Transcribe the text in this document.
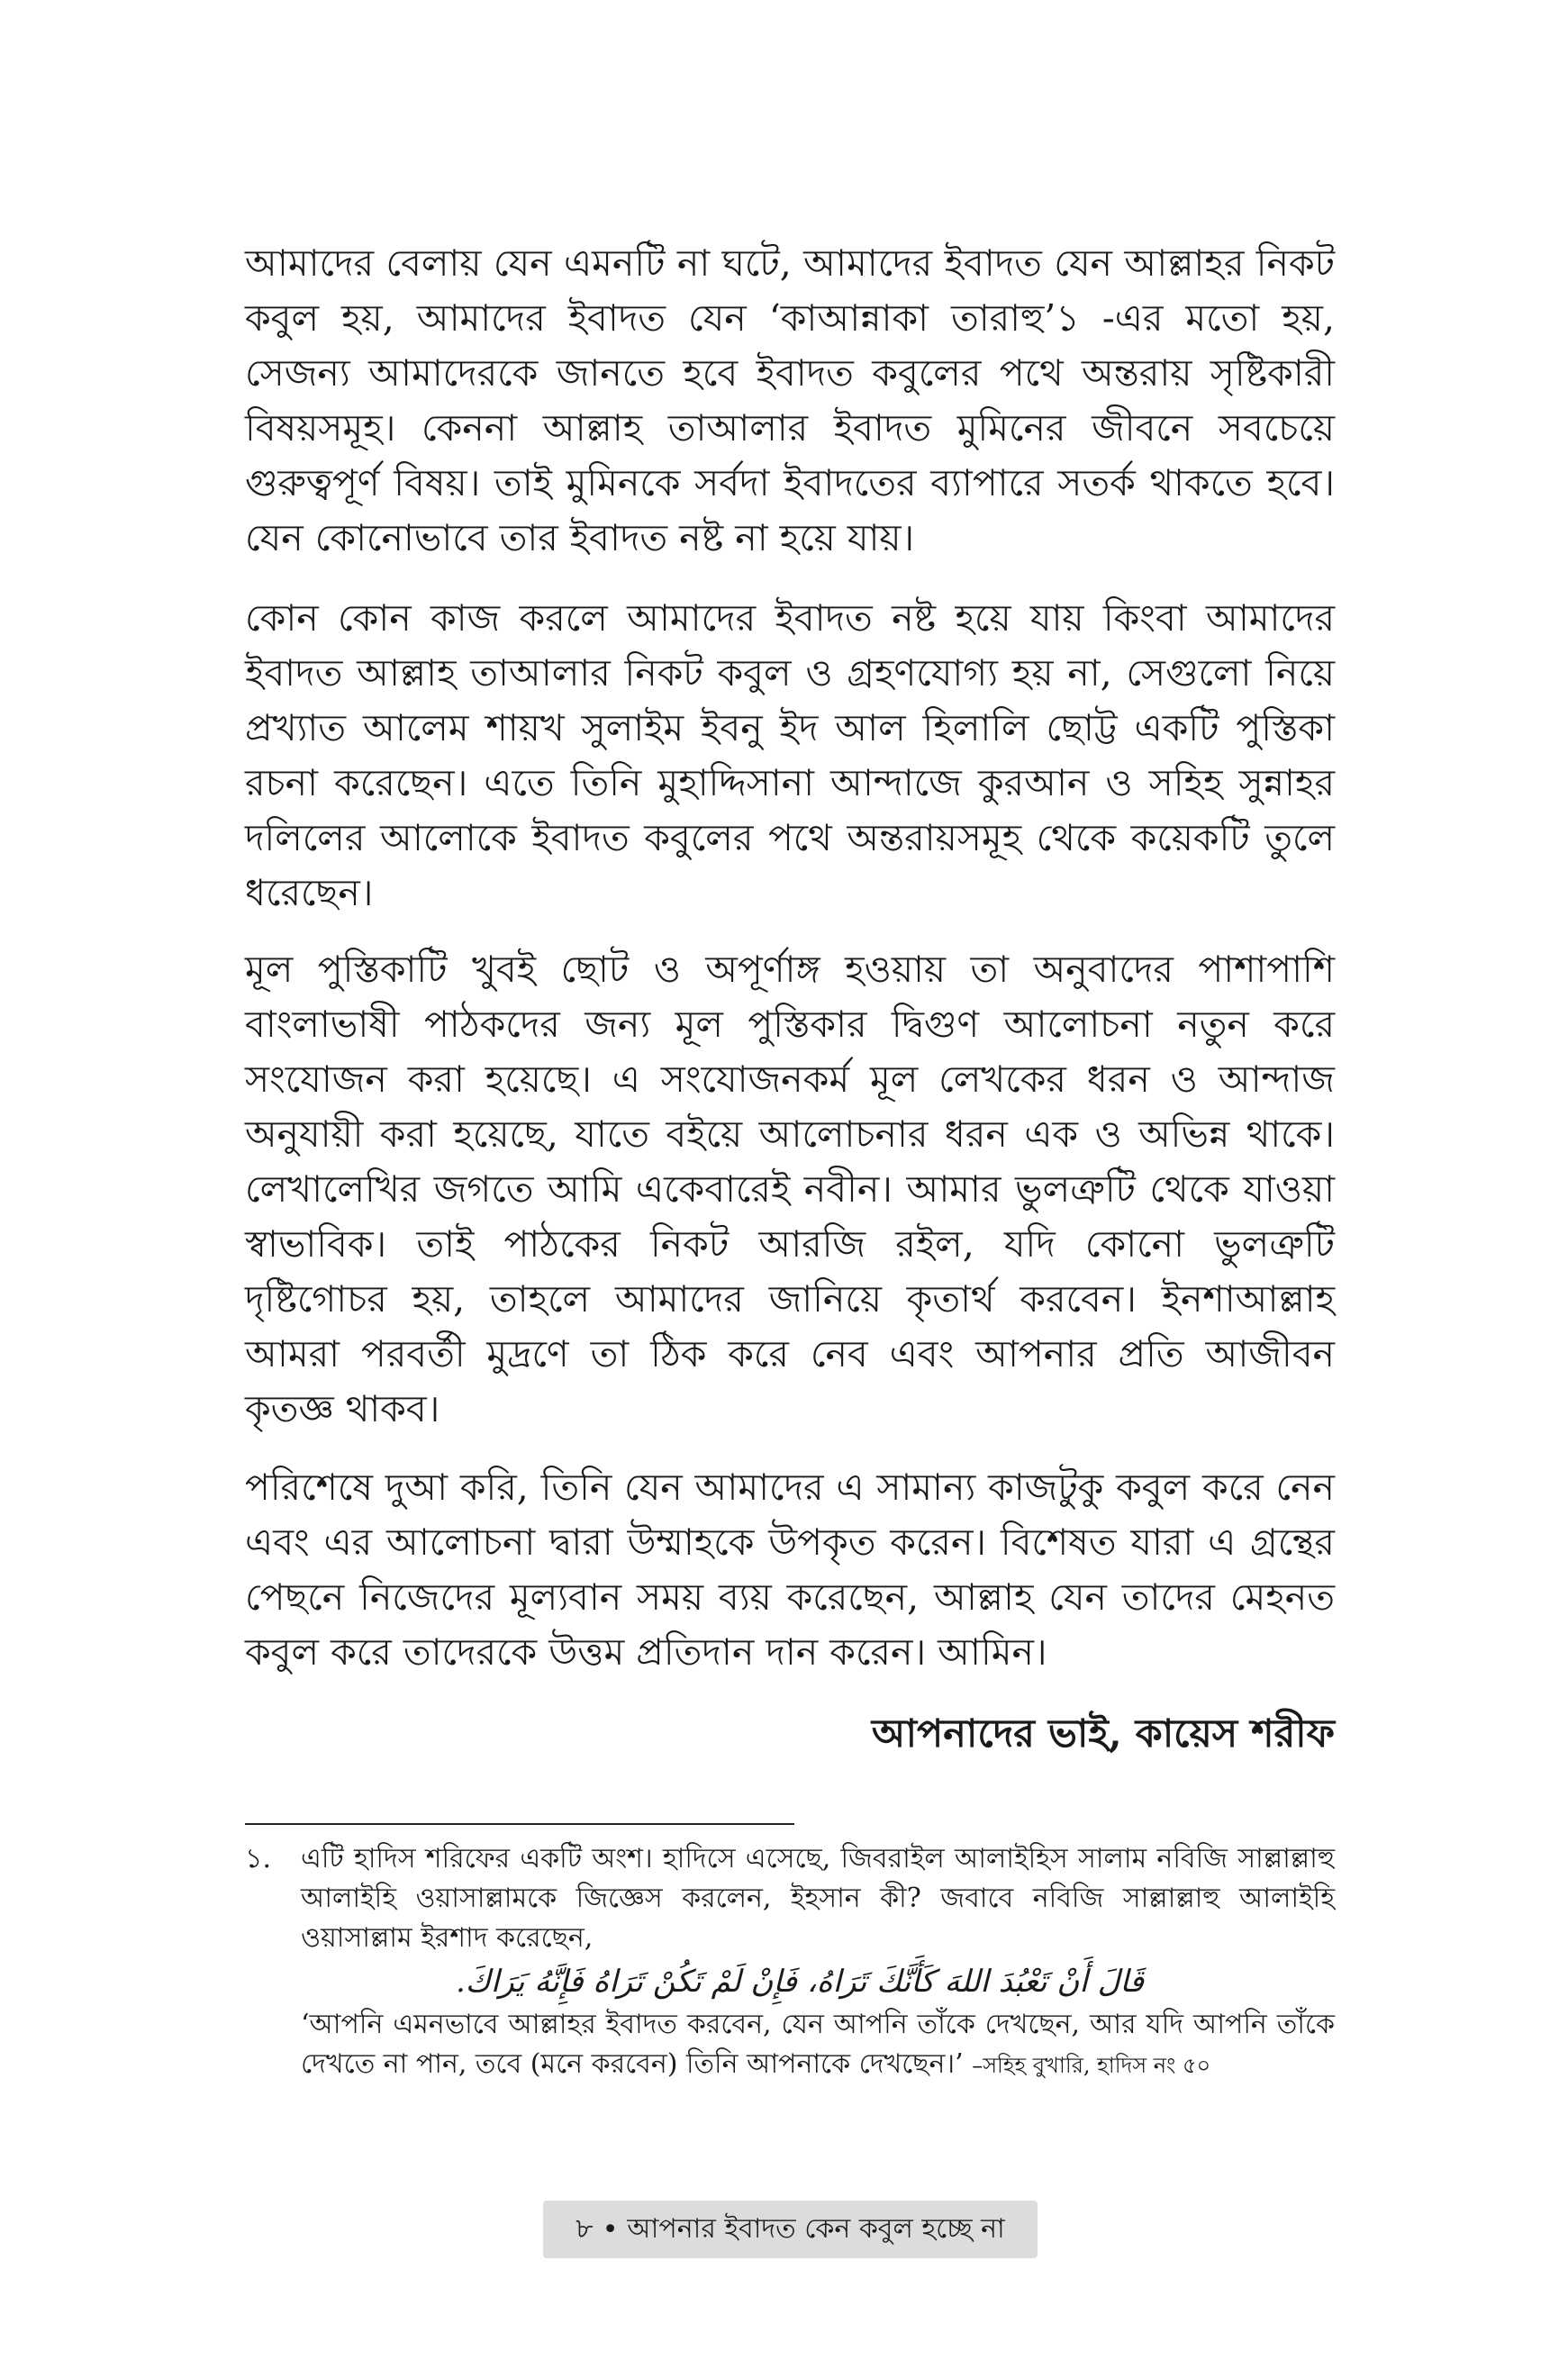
আমাদের বেলায় যেন এমনটি না ঘটে, আমাদের ইবাদত যেন আল্লাহর নিকট কবুল হয়, আমাদের ইবাদত যেন ‘কাআন্নাকা তারাহু’১ -এর মতো হয়, সেজন্য আমাদেরকে জানতে হবে ইবাদত কবুলের পথে অন্তরায় সৃষ্টিকারী বিষয়সমূহ। কেননা আল্লাহ তাআলার ইবাদত মুমিনের জীবনে সবচেয়ে গুরুত্বপূর্ণ বিষয়। তাই মুমিনকে সর্বদা ইবাদতের ব্যাপারে সতর্ক থাকতে হবে। যেন কোনোভাবে তার ইবাদত নষ্ট না হয়ে যায়।

কোন কোন কাজ করলে আমাদের ইবাদত নষ্ট হয়ে যায় কিংবা আমাদের ইবাদত আল্লাহ তাআলার নিকট কবুল ও গ্রহণযোগ্য হয় না, সেগুলো নিয়ে প্রখ্যাত আলেম শায়খ সুলাইম ইবনু ইদ আল হিলালি ছোট্ট একটি পুস্তিকা রচনা করেছেন। এতে তিনি মুহাদ্দিসানা আন্দাজে কুরআন ও সহিহ সুন্নাহর দলিলের আলোকে ইবাদত কবুলের পথে অন্তরায়সমূহ থেকে কয়েকটি তুলে ধরেছেন।

মূল পুস্তিকাটি খুবই ছোট ও অপূর্ণাঙ্গ হওয়ায় তা অনুবাদের পাশাপাশি বাংলাভাষী পাঠকদের জন্য মূল পুস্তিকার দ্বিগুণ আলোচনা নতুন করে সংযোজন করা হয়েছে। এ সংযোজনকর্ম মূল লেখকের ধরন ও আন্দাজ অনুযায়ী করা হয়েছে, যাতে বইয়ে আলোচনার ধরন এক ও অভিন্ন থাকে। লেখালেখির জগতে আমি একেবারেই নবীন। আমার ভুলত্রুটি থেকে যাওয়া স্বাভাবিক। তাই পাঠকের নিকট আরজি রইল, যদি কোনো ভুলত্রুটি দৃষ্টিগোচর হয়, তাহলে আমাদের জানিয়ে কৃতার্থ করবেন। ইনশাআল্লাহ আমরা পরবর্তী মুদ্রণে তা ঠিক করে নেব এবং আপনার প্রতি আজীবন কৃতজ্ঞ থাকব।

পরিশেষে দুআ করি, তিনি যেন আমাদের এ সামান্য কাজটুকু কবুল করে নেন এবং এর আলোচনা দ্বারা উম্মাহকে উপকৃত করেন। বিশেষত যারা এ গ্রন্থের পেছনে নিজেদের মূল্যবান সময় ব্যয় করেছেন, আল্লাহ যেন তাদের মেহনত কবুল করে তাদেরকে উত্তম প্রতিদান দান করেন। আমিন।

আপনাদের ভাই, কায়েস শরীফ
১.	এটি হাদিস শরিফের একটি অংশ। হাদিসে এসেছে, জিবরাইল আলাইহিস সালাম নবিজি সাল্লাল্লাহু আলাইহি ওয়াসাল্লামকে জিজ্ঞেস করলেন, ইহসান কী? জবাবে নবিজি সাল্লাল্লাহু আলাইহি ওয়াসাল্লাম ইরশাদ করেছেন,
قَالَ أَنْ تَعْبُدَ اللهَ كَأَنَّكَ تَرَاهُ، فَإِنْ لَمْ تَكُنْ تَرَاهُ فَإِنَّهُ يَرَاكَ.
‘আপনি এমনভাবে আল্লাহর ইবাদত করবেন, যেন আপনি তাঁকে দেখছেন, আর যদি আপনি তাঁকে দেখতে না পান, তবে (মনে করবেন) তিনি আপনাকে দেখছেন।’ –সহিহ বুখারি, হাদিস নং ৫০
৮ • আপনার ইবাদত কেন কবুল হচ্ছে না
